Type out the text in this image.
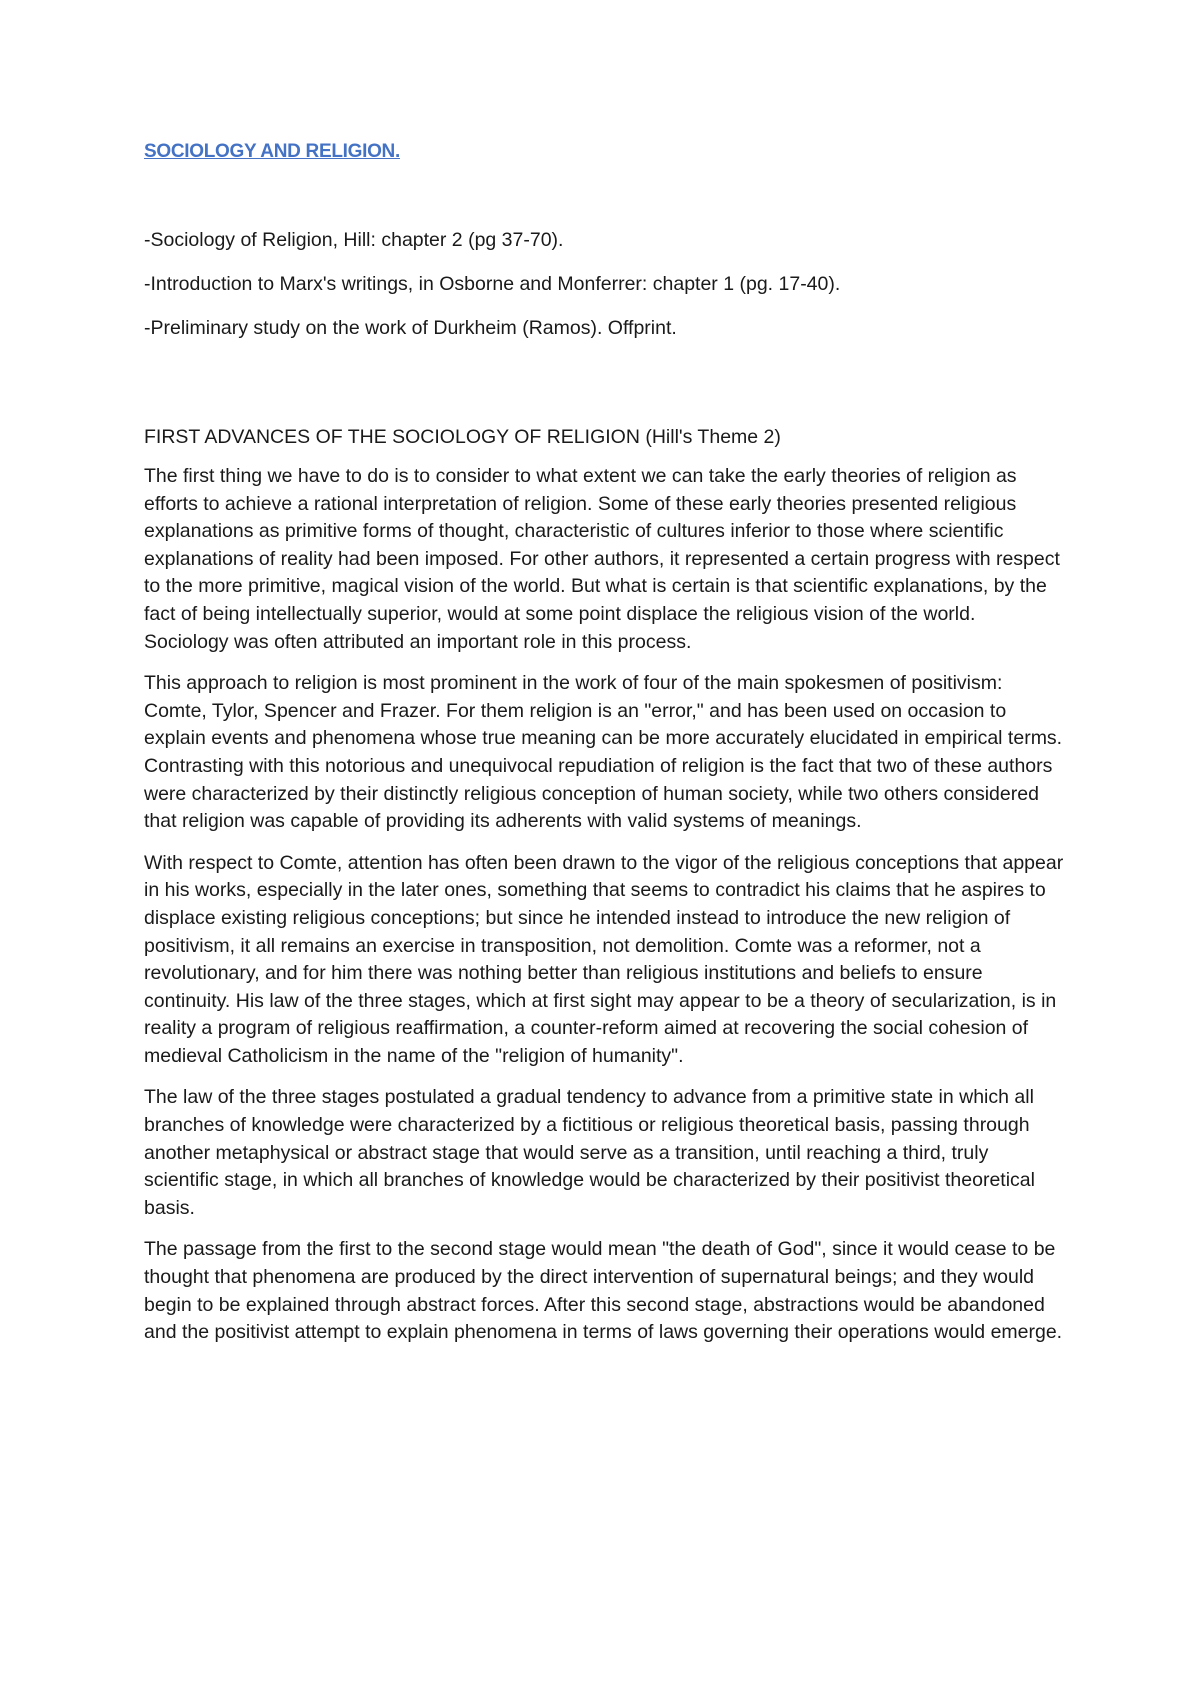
SOCIOLOGY AND RELIGION.
-Sociology of Religion, Hill: chapter 2 (pg 37-70).
-Introduction to Marx's writings, in Osborne and Monferrer: chapter 1 (pg. 17-40).
-Preliminary study on the work of Durkheim (Ramos). Offprint.
FIRST ADVANCES OF THE SOCIOLOGY OF RELIGION (Hill's Theme 2)

The first thing we have to do is to consider to what extent we can take the early theories of religion as efforts to achieve a rational interpretation of religion. Some of these early theories presented religious explanations as primitive forms of thought, characteristic of cultures inferior to those where scientific explanations of reality had been imposed. For other authors, it represented a certain progress with respect to the more primitive, magical vision of the world. But what is certain is that scientific explanations, by the fact of being intellectually superior, would at some point displace the religious vision of the world. Sociology was often attributed an important role in this process.

This approach to religion is most prominent in the work of four of the main spokesmen of positivism: Comte, Tylor, Spencer and Frazer. For them religion is an "error," and has been used on occasion to explain events and phenomena whose true meaning can be more accurately elucidated in empirical terms. Contrasting with this notorious and unequivocal repudiation of religion is the fact that two of these authors were characterized by their distinctly religious conception of human society, while two others considered that religion was capable of providing its adherents with valid systems of meanings.

With respect to Comte, attention has often been drawn to the vigor of the religious conceptions that appear in his works, especially in the later ones, something that seems to contradict his claims that he aspires to displace existing religious conceptions; but since he intended instead to introduce the new religion of positivism, it all remains an exercise in transposition, not demolition. Comte was a reformer, not a revolutionary, and for him there was nothing better than religious institutions and beliefs to ensure continuity. His law of the three stages, which at first sight may appear to be a theory of secularization, is in reality a program of religious reaffirmation, a counter-reform aimed at recovering the social cohesion of medieval Catholicism in the name of the "religion of humanity".

The law of the three stages postulated a gradual tendency to advance from a primitive state in which all branches of knowledge were characterized by a fictitious or religious theoretical basis, passing through another metaphysical or abstract stage that would serve as a transition, until reaching a third, truly scientific stage, in which all branches of knowledge would be characterized by their positivist theoretical basis.

The passage from the first to the second stage would mean "the death of God", since it would cease to be thought that phenomena are produced by the direct intervention of supernatural beings; and they would begin to be explained through abstract forces. After this second stage, abstractions would be abandoned and the positivist attempt to explain phenomena in terms of laws governing their operations would emerge.
